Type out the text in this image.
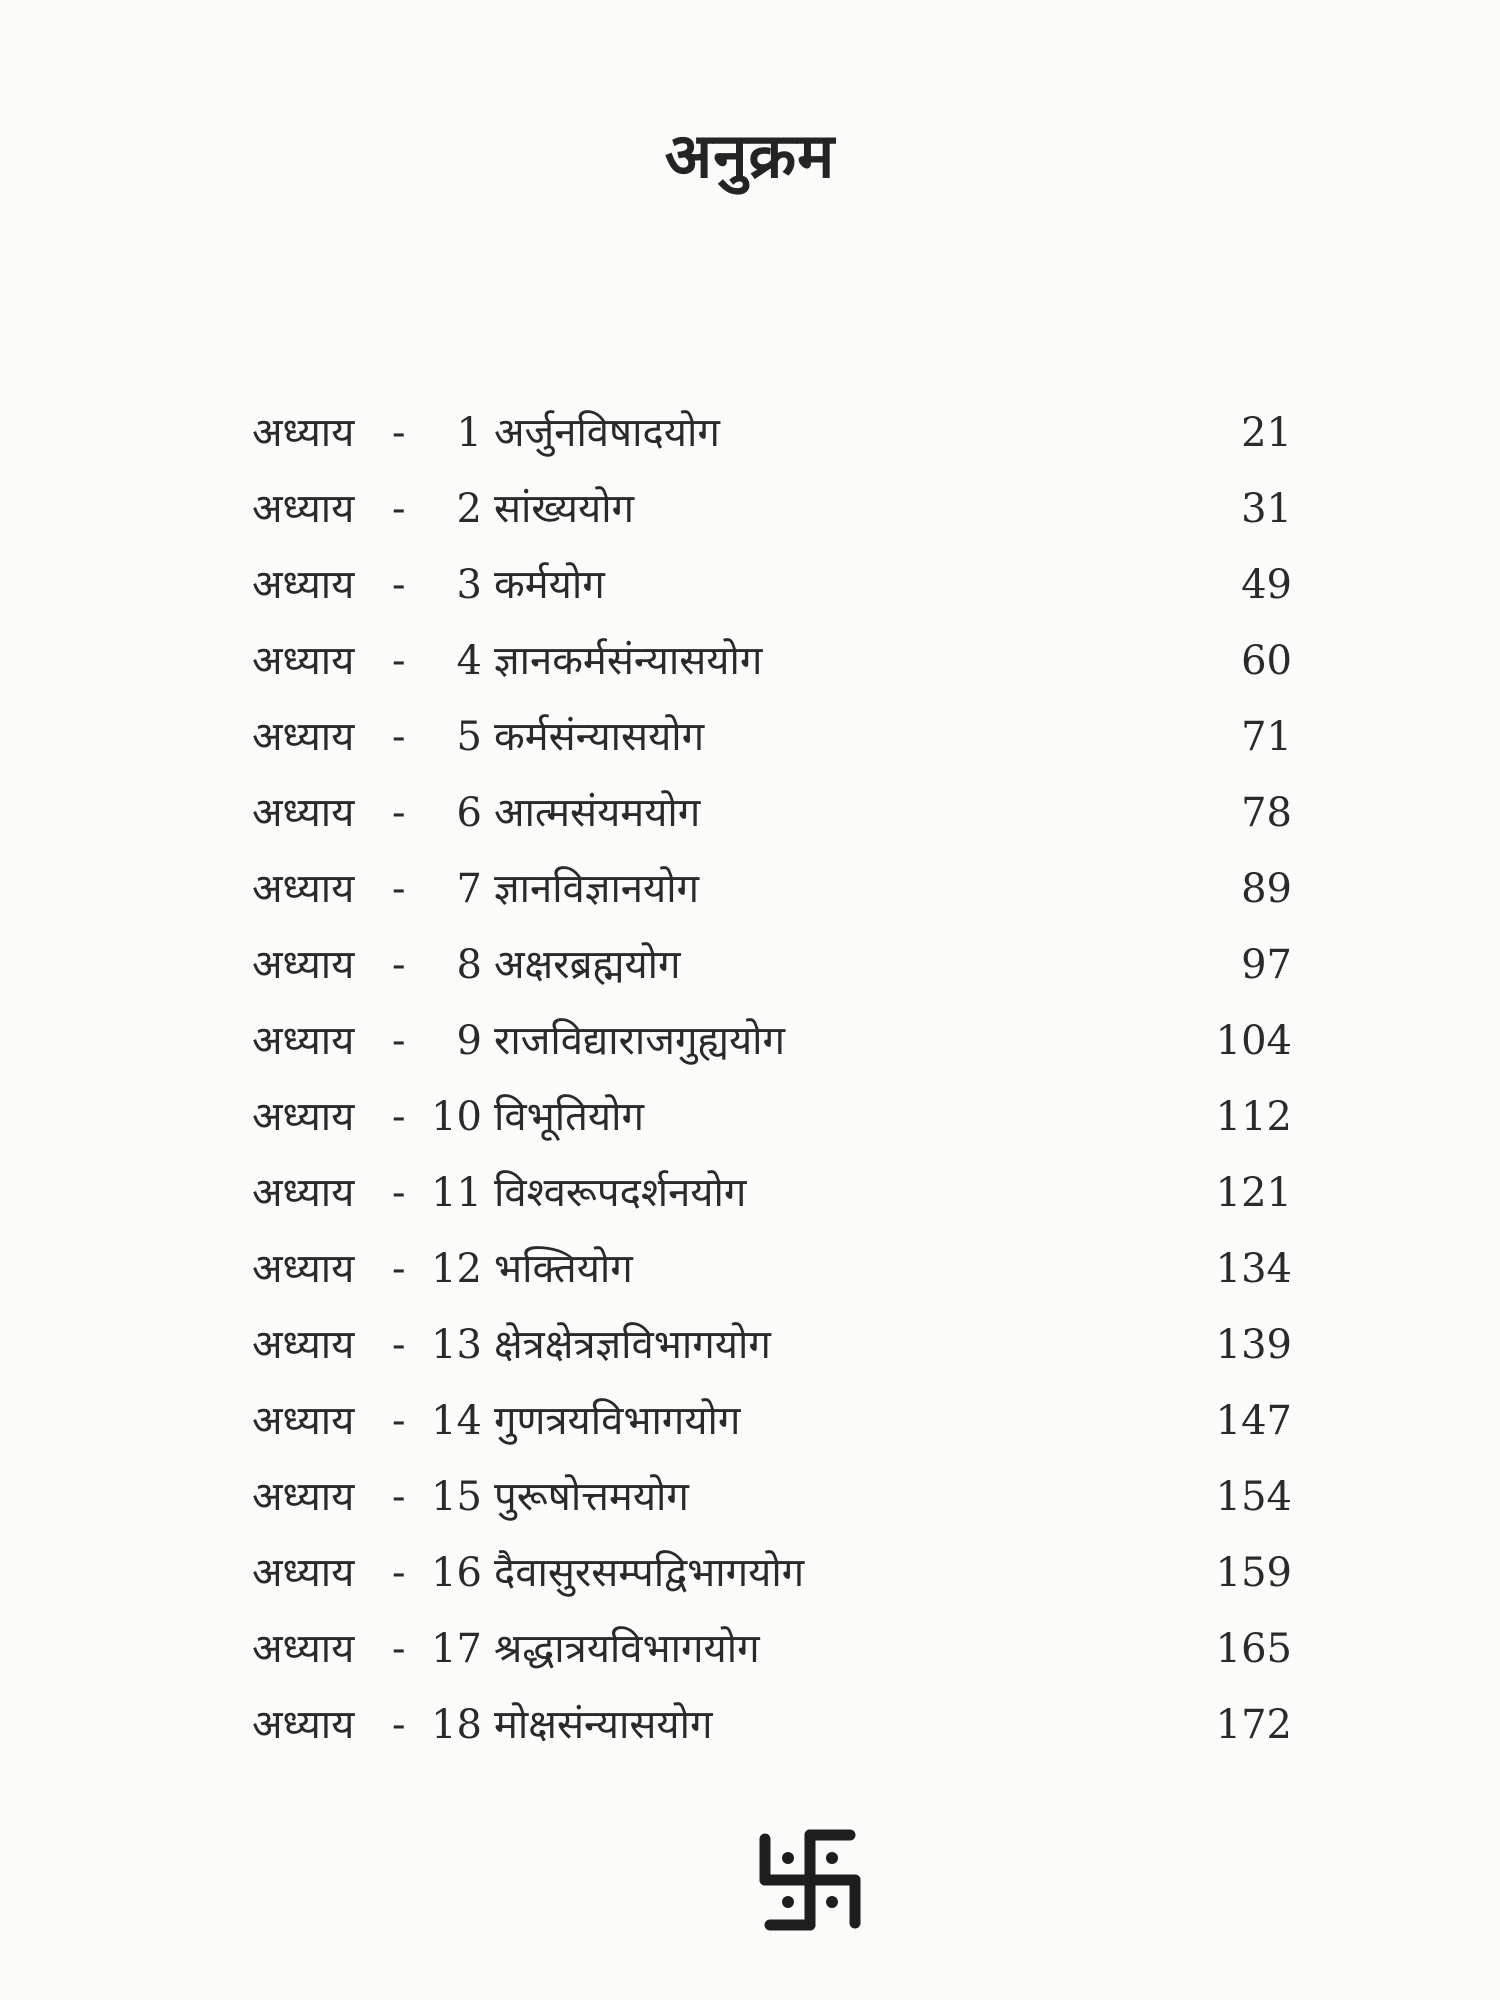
अनुक्रम
अध्याय -	1 अर्जुनविषादयोग	21
अध्याय -	2 सांख्ययोग	31
अध्याय -	3 कर्मयोग	49
अध्याय -	4 ज्ञानकर्मसंन्यासयोग	60
अध्याय -	5 कर्मसंन्यासयोग	71
अध्याय -	6 आत्मसंयमयोग	78
अध्याय -	7 ज्ञानविज्ञानयोग	89
अध्याय -	8 अक्षरब्रह्मयोग	97
अध्याय -	9 राजविद्याराजगुह्ययोग	104
अध्याय - 10 विभूतियोग	112
अध्याय - 11 विश्वरूपदर्शनयोग	121
अध्याय - 12 भक्तियोग	134
अध्याय - 13 क्षेत्रक्षेत्रज्ञविभागयोग	139
अध्याय - 14 गुणत्रयविभागयोग	147
अध्याय - 15 पुरूषोत्तमयोग	154
अध्याय - 16 दैवासुरसम्पद्विभागयोग	159
अध्याय - 17 श्रद्धात्रयविभागयोग	165
अध्याय - 18 मोक्षसंन्यासयोग	172
